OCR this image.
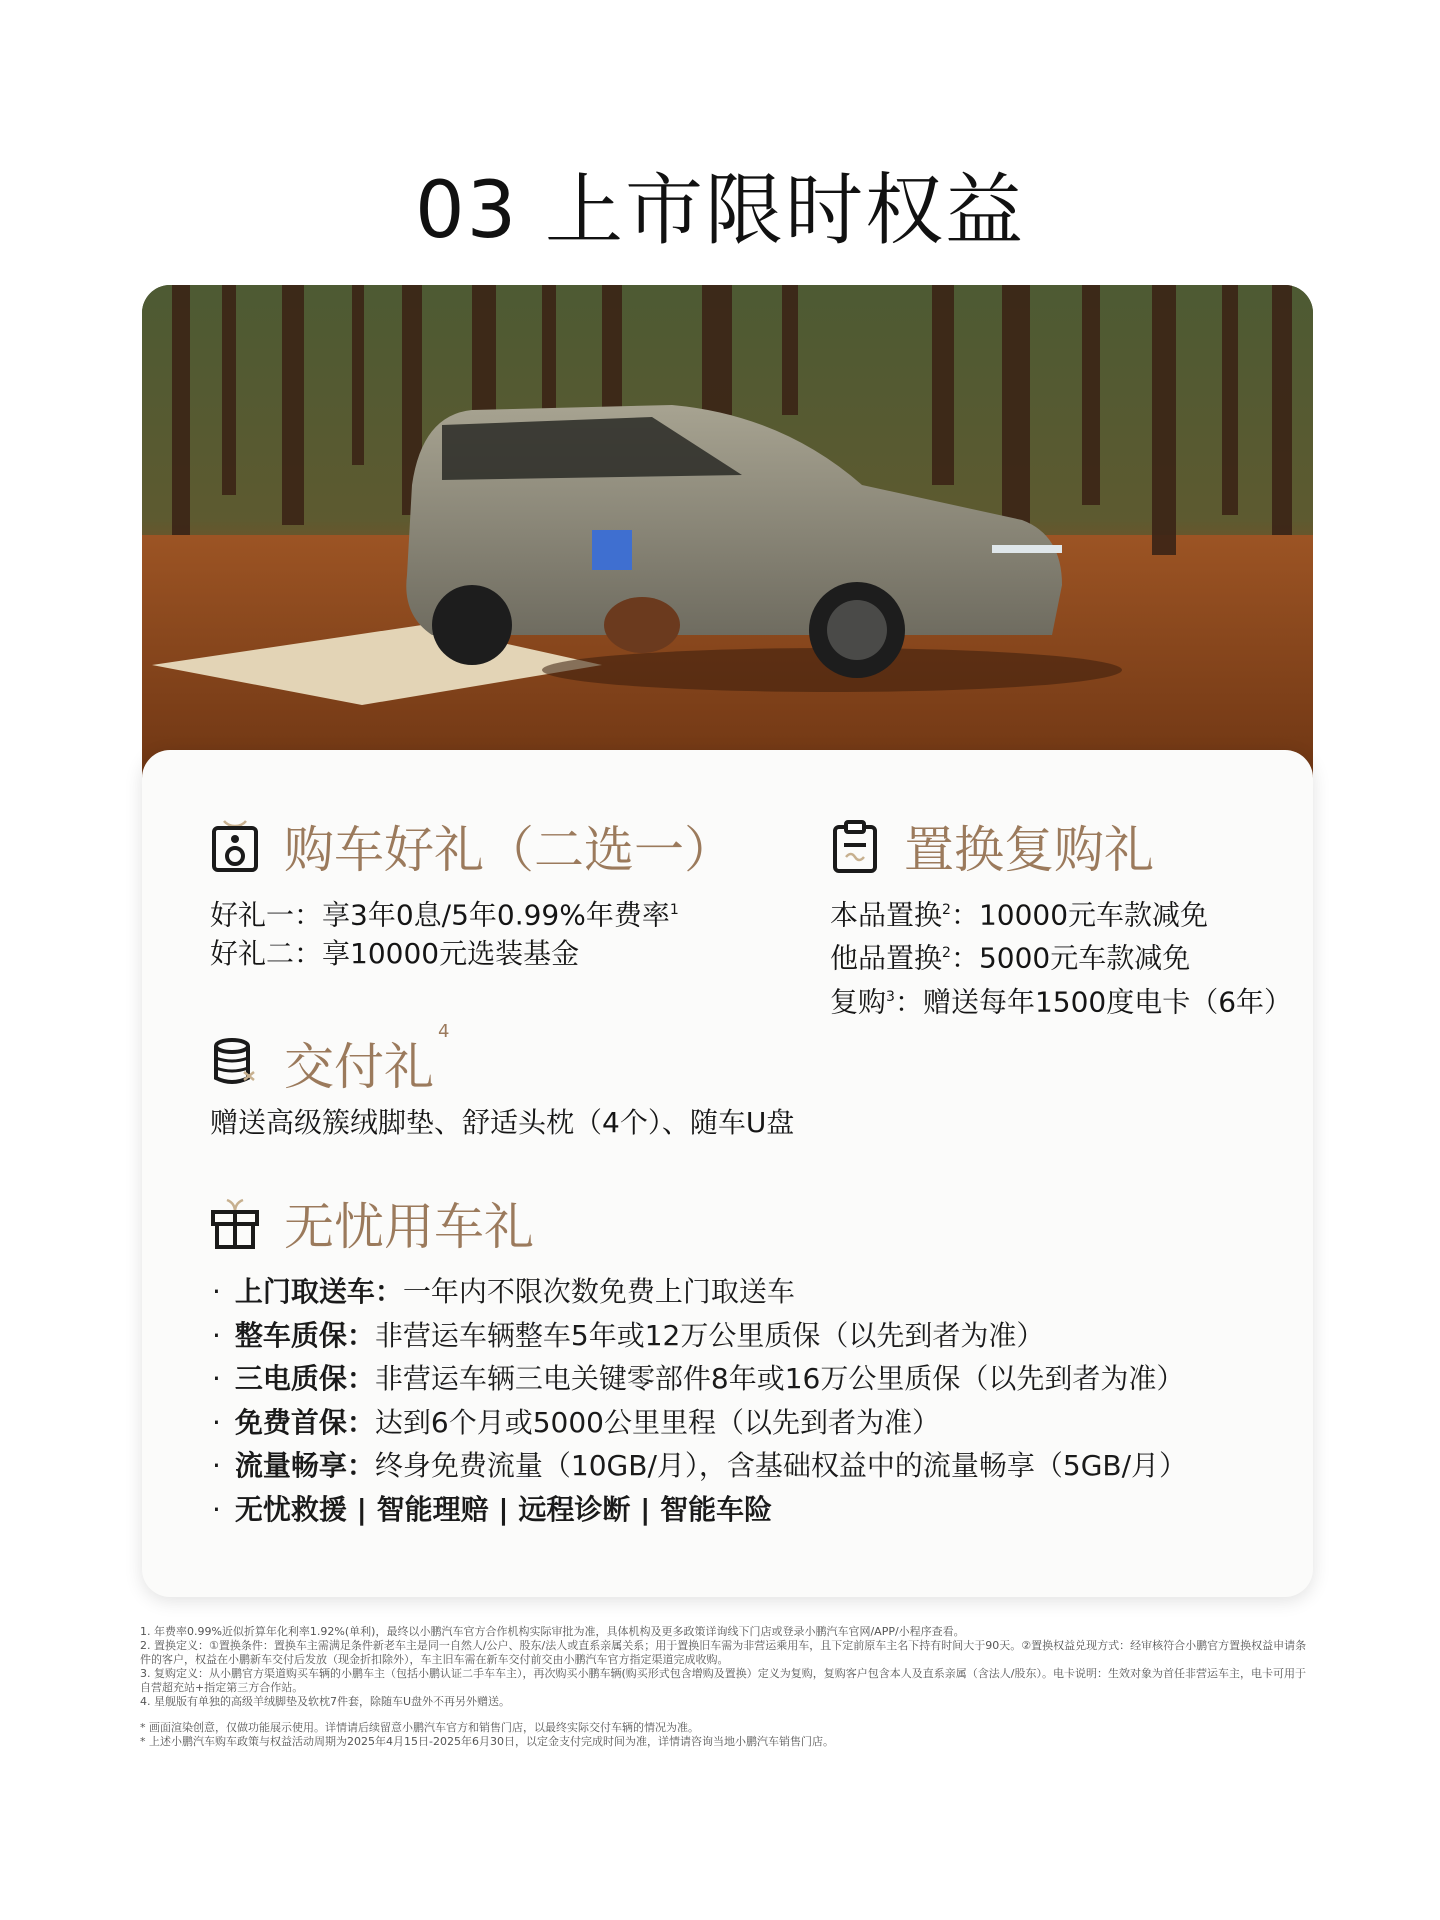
03 上市限时权益
购车好礼（二选一）
好礼一：享3年0息/5年0.99%年费率$^1$
好礼二：享10000元选装基金
置换复购礼
本品置换$^2$：10000元车款减免
他品置换$^2$：5000元车款减免
复购$^3$：赠送每年1500度电卡（6年）
交付礼$^4$
赠送高级簇绒脚垫、舒适头枕（4个）、随车U盘
无忧用车礼
· 上门取送车：一年内不限次数免费上门取送车
· 整车质保：非营运车辆整车5年或12万公里质保（以先到者为准）
· 三电质保：非营运车辆三电关键零部件8年或16万公里质保（以先到者为准）
· 免费首保：达到6个月或5000公里里程（以先到者为准）
· 流量畅享：终身免费流量（10GB/月），含基础权益中的流量畅享（5GB/月）
· 无忧救援 | 智能理赔 | 远程诊断 | 智能车险

1. 年费率0.99%近似折算年化利率1.92%(单利)，最终以小鹏汽车官方合作机构实际审批为准，具体机构及更多政策详询线下门店或登录小鹏汽车官网/APP/小程序查看。

2. 置换定义：①置换条件：置换车主需满足条件新老车主是同一自然人/公户、股东/法人或直系亲属关系；用于置换旧车需为非营运乘用车，且下定前原车主名下持有时间大于90天。②置换权益兑现方式：经审核符合小鹏官方置换权益申请条件的客户，权益在小鹏新车交付后发放（现金折扣除外），车主旧车需在新车交付前交由小鹏汽车官方指定渠道完成收购。

3. 复购定义：从小鹏官方渠道购买车辆的小鹏车主（包括小鹏认证二手车车主），再次购买小鹏车辆(购买形式包含增购及置换）定义为复购，复购客户包含本人及直系亲属（含法人/股东）。电卡说明：生效对象为首任非营运车主，电卡可用于自营超充站+指定第三方合作站。

4. 星舰版有单独的高级羊绒脚垫及软枕7件套，除随车U盘外不再另外赠送。

* 画面渲染创意，仅做功能展示使用。详情请后续留意小鹏汽车官方和销售门店，以最终实际交付车辆的情况为准。

* 上述小鹏汽车购车政策与权益活动周期为2025年4月15日-2025年6月30日，以定金支付完成时间为准，详情请咨询当地小鹏汽车销售门店。
